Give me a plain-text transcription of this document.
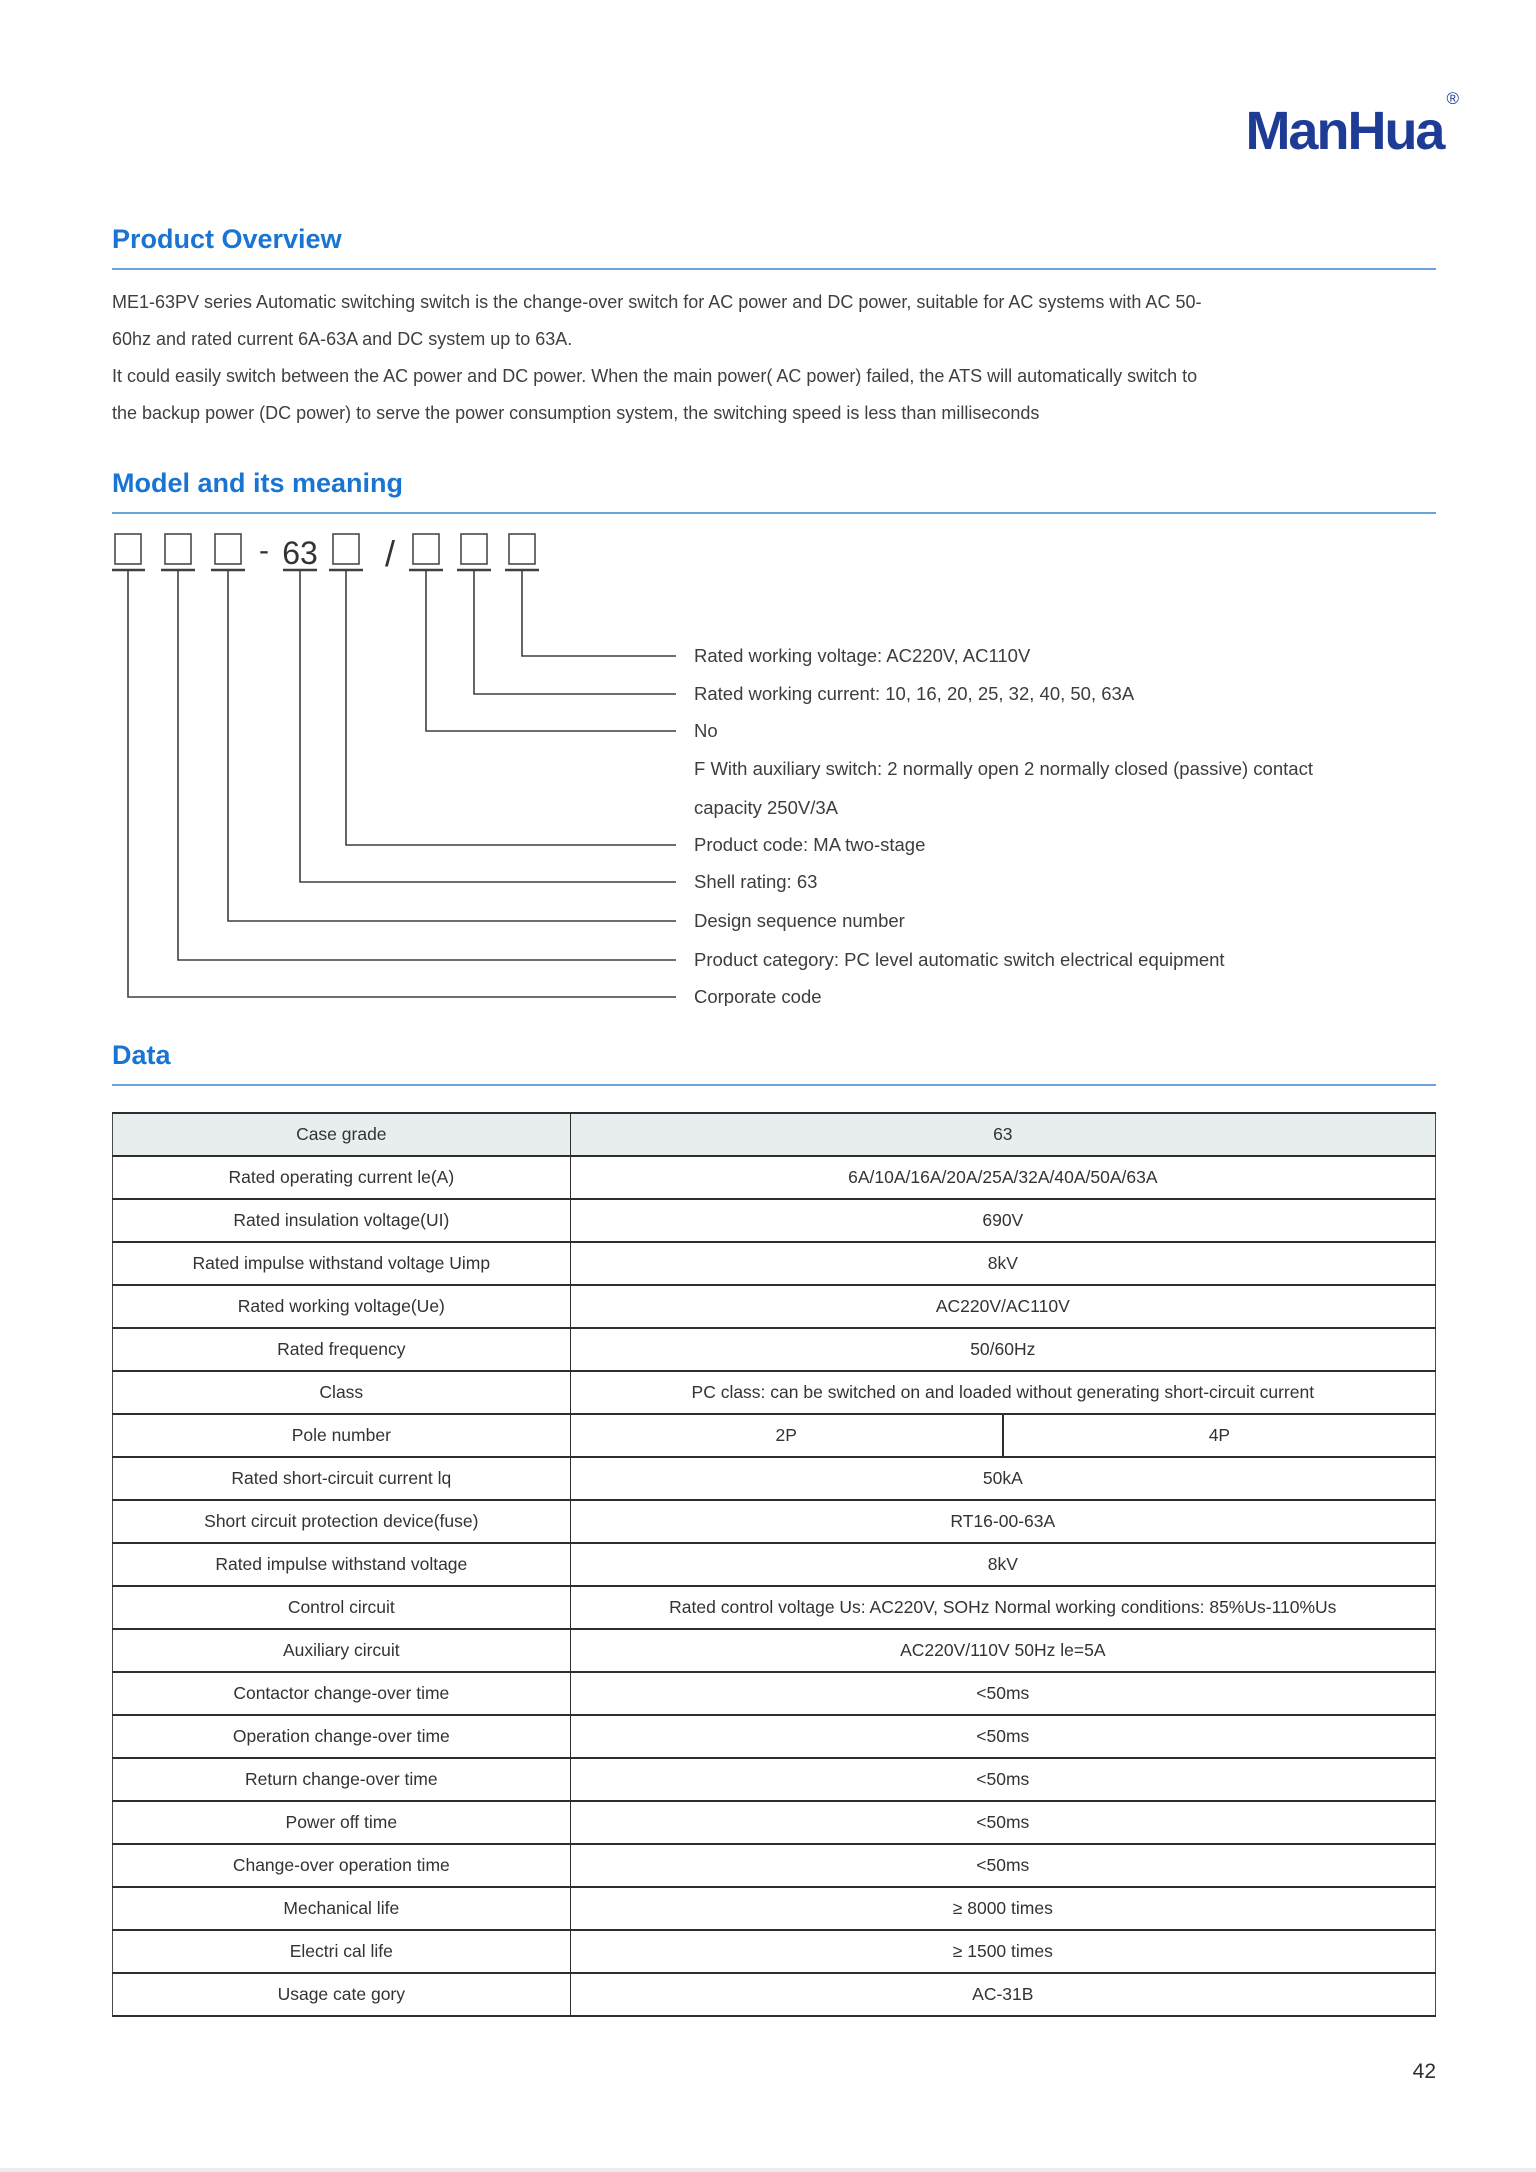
ManHua®
Product Overview
ME1-63PV series Automatic switching switch is the change-over switch for AC power and DC power, suitable for AC systems with AC 50-
60hz and rated current 6A-63A and DC system up to 63A.
It could easily switch between the AC power and DC power. When the main power( AC power) failed, the ATS will automatically switch to
the backup power (DC power) to serve the power consumption system, the switching speed is less than milliseconds
Model and its meaning
- 63 /
Rated working voltage: AC220V, AC110V
Rated working current: 10, 16, 20, 25, 32, 40, 50, 63A
No
F With auxiliary switch: 2 normally open 2 normally closed (passive) contact
capacity 250V/3A
Product code: MA two-stage
Shell rating: 63
Design sequence number
Product category: PC level automatic switch electrical equipment
Corporate code
Data
Case grade	63	
Rated operating current le(A)	6A/10A/16A/20A/25A/32A/40A/50A/63A	
Rated insulation voltage(UI)	690V	
Rated impulse withstand voltage Uimp	8kV	
Rated working voltage(Ue)	AC220V/AC110V	
Rated frequency	50/60Hz	
Class	PC class: can be switched on and loaded without generating short-circuit current	
Pole number	2P	4P
Rated short-circuit current lq	50kA	
Short circuit protection device(fuse)	RT16-00-63A	
Rated impulse withstand voltage	8kV	
Control circuit	Rated control voltage Us: AC220V, SOHz Normal working conditions: 85%Us-110%Us	
Auxiliary circuit	AC220V/110V 50Hz le=5A	
Contactor change-over time	<50ms	
Operation change-over time	<50ms	
Return change-over time	<50ms	
Power off time	<50ms	
Change-over operation time	<50ms	
Mechanical life	≥ 8000 times	
Electri cal life	≥ 1500 times	
Usage cate gory	AC-31B	
42
